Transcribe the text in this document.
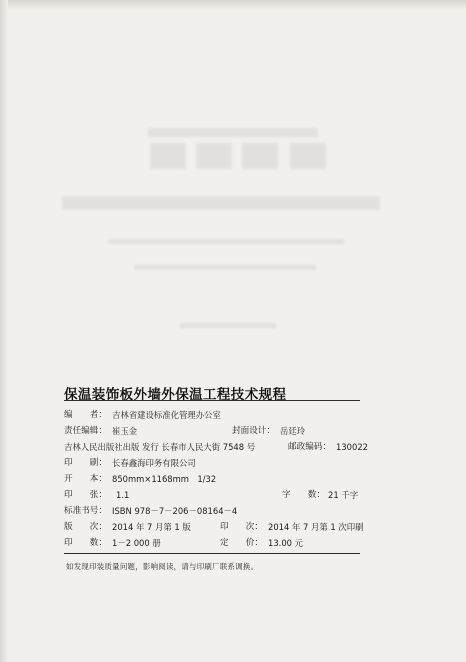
保温装饰板外墙外保温工程技术规程
编　　者： 吉林省建设标准化管理办公室
责任编辑： 崔玉金	封面设计： 岳廷玲
吉林人民出版社出版 发行 长春市人民大街 7548 号	邮政编码： 130022
印　　刷： 长春鑫海印务有限公司
开　　本： 850mm×1168mm　1/32
印　　张： 1.1	字　　数： 21 千字
标准书号： ISBN 978－7－206－08164－4
版　　次： 2014 年 7 月第 1 版	印　　次： 2014 年 7 月第 1 次印刷
印　　数： 1－2 000 册	定　　价： 13.00 元
如发现印装质量问题，影响阅读，请与印刷厂联系调换。
